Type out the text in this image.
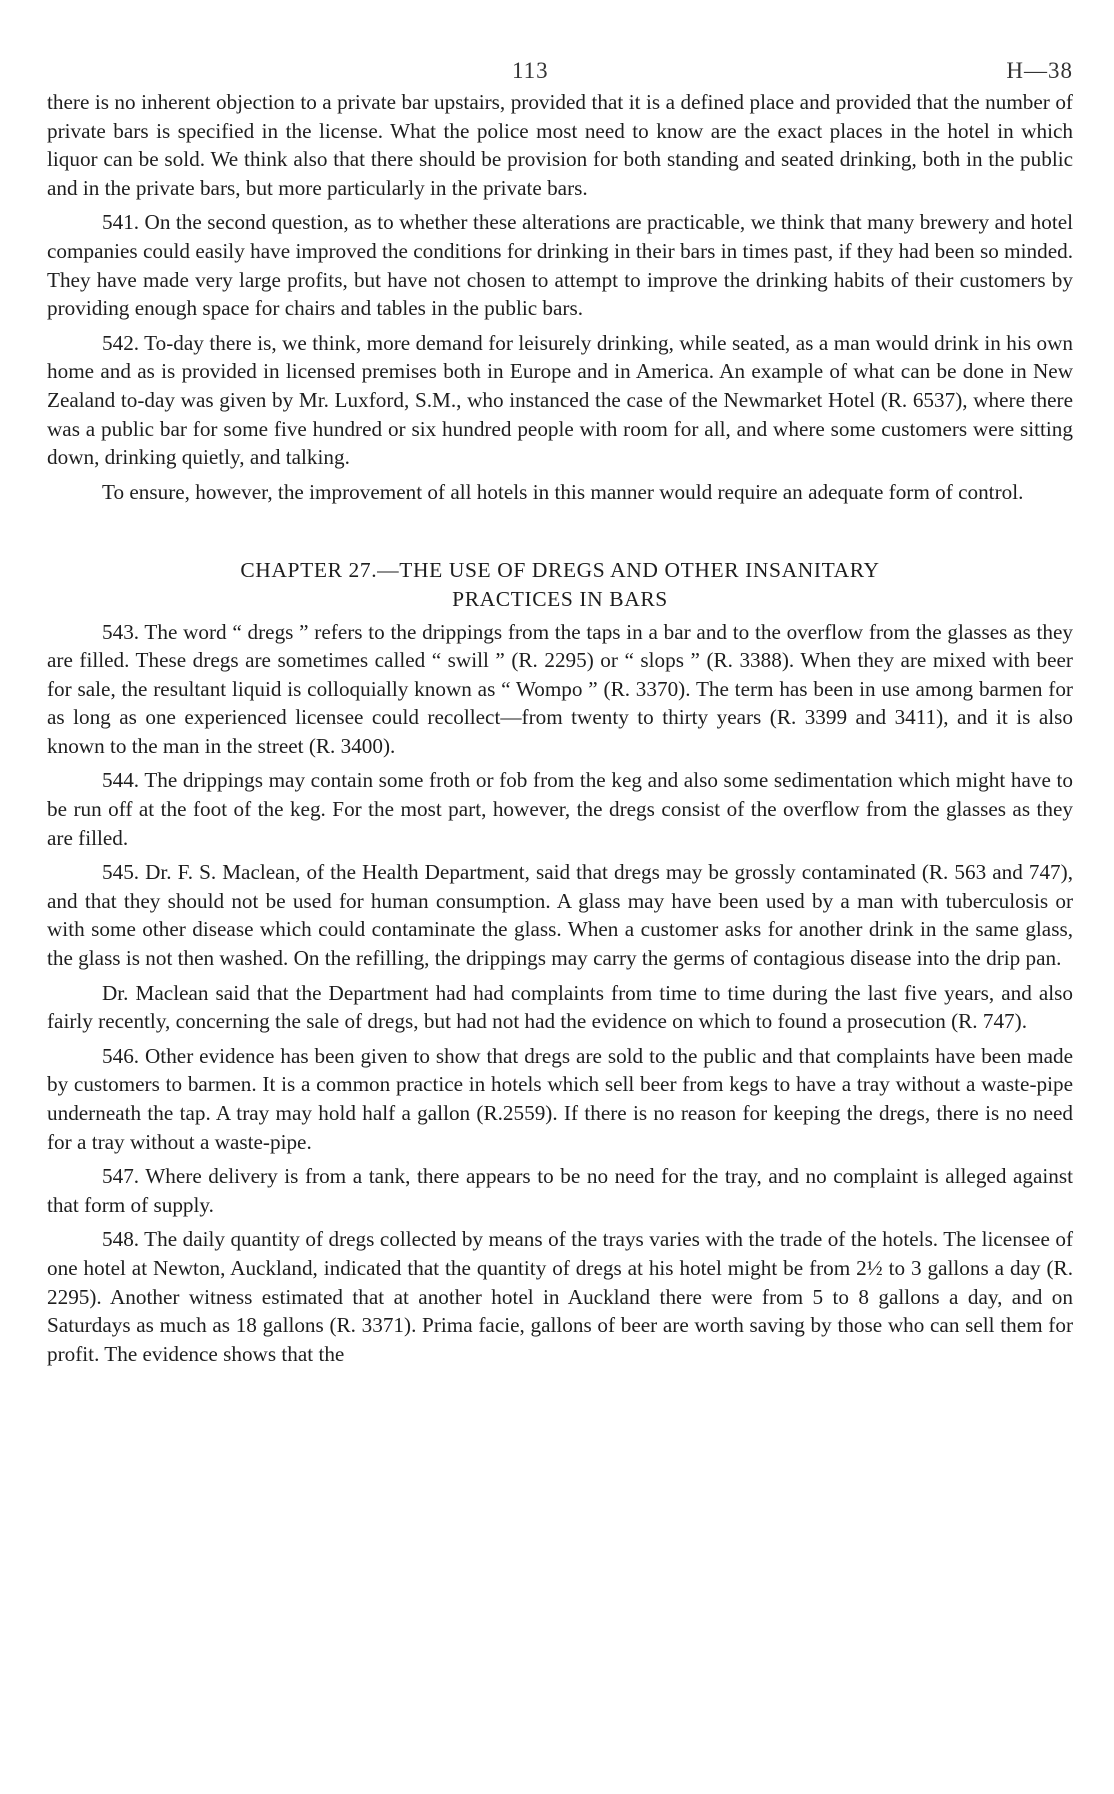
113	H—38

there is no inherent objection to a private bar upstairs, provided that it is a defined place and provided that the number of private bars is specified in the license. What the police most need to know are the exact places in the hotel in which liquor can be sold. We think also that there should be provision for both standing and seated drinking, both in the public and in the private bars, but more particularly in the private bars.

541. On the second question, as to whether these alterations are practicable, we think that many brewery and hotel companies could easily have improved the conditions for drinking in their bars in times past, if they had been so minded. They have made very large profits, but have not chosen to attempt to improve the drinking habits of their customers by providing enough space for chairs and tables in the public bars.

542. To-day there is, we think, more demand for leisurely drinking, while seated, as a man would drink in his own home and as is provided in licensed premises both in Europe and in America. An example of what can be done in New Zealand to-day was given by Mr. Luxford, S.M., who instanced the case of the Newmarket Hotel (R. 6537), where there was a public bar for some five hundred or six hundred people with room for all, and where some customers were sitting down, drinking quietly, and talking.

To ensure, however, the improvement of all hotels in this manner would require an adequate form of control.

CHAPTER 27.—THE USE OF DREGS AND OTHER INSANITARY
PRACTICES IN BARS

543. The word “ dregs ” refers to the drippings from the taps in a bar and to the overflow from the glasses as they are filled. These dregs are sometimes called “ swill ” (R. 2295) or “ slops ” (R. 3388). When they are mixed with beer for sale, the resultant liquid is colloquially known as “ Wompo ” (R. 3370). The term has been in use among barmen for as long as one experienced licensee could recollect—from twenty to thirty years (R. 3399 and 3411), and it is also known to the man in the street (R. 3400).

544. The drippings may contain some froth or fob from the keg and also some sedimentation which might have to be run off at the foot of the keg. For the most part, however, the dregs consist of the overflow from the glasses as they are filled.

545. Dr. F. S. Maclean, of the Health Department, said that dregs may be grossly contaminated (R. 563 and 747), and that they should not be used for human consumption. A glass may have been used by a man with tuberculosis or with some other disease which could contaminate the glass. When a customer asks for another drink in the same glass, the glass is not then washed. On the refilling, the drippings may carry the germs of contagious disease into the drip pan.

Dr. Maclean said that the Department had had complaints from time to time during the last five years, and also fairly recently, concerning the sale of dregs, but had not had the evidence on which to found a prosecution (R. 747).

546. Other evidence has been given to show that dregs are sold to the public and that complaints have been made by customers to barmen. It is a common practice in hotels which sell beer from kegs to have a tray without a waste-pipe underneath the tap. A tray may hold half a gallon (R.2559). If there is no reason for keeping the dregs, there is no need for a tray without a waste-pipe.

547. Where delivery is from a tank, there appears to be no need for the tray, and no complaint is alleged against that form of supply.

548. The daily quantity of dregs collected by means of the trays varies with the trade of the hotels. The licensee of one hotel at Newton, Auckland, indicated that the quantity of dregs at his hotel might be from 2½ to 3 gallons a day (R. 2295). Another witness estimated that at another hotel in Auckland there were from 5 to 8 gallons a day, and on Saturdays as much as 18 gallons (R. 3371). Prima facie, gallons of beer are worth saving by those who can sell them for profit. The evidence shows that the
